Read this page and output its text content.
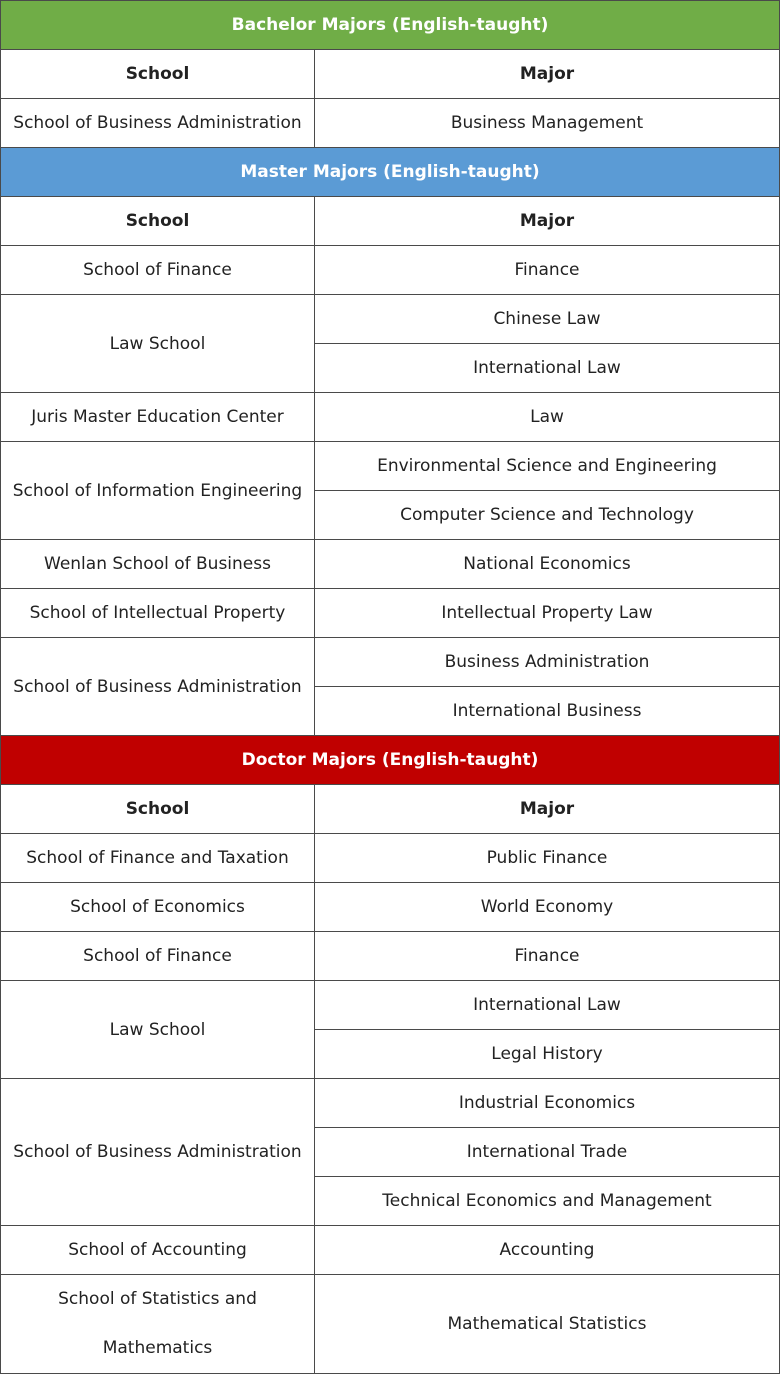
Bachelor Majors (English-taught)	
School	Major
School of Business Administration	Business Management
Master Majors (English-taught)	
School	Major
School of Finance	Finance
Law School	Chinese Law
	International Law
Juris Master Education Center	Law
School of Information Engineering	Environmental Science and Engineering
	Computer Science and Technology
Wenlan School of Business	National Economics
School of Intellectual Property	Intellectual Property Law
School of Business Administration	Business Administration
	International Business
Doctor Majors (English-taught)	
School	Major
School of Finance and Taxation	Public Finance
School of Economics	World Economy
School of Finance	Finance
Law School	International Law
	Legal History
School of Business Administration	Industrial Economics
	International Trade
	Technical Economics and Management
School of Accounting	Accounting
School of Statistics and Mathematics	Mathematical Statistics
